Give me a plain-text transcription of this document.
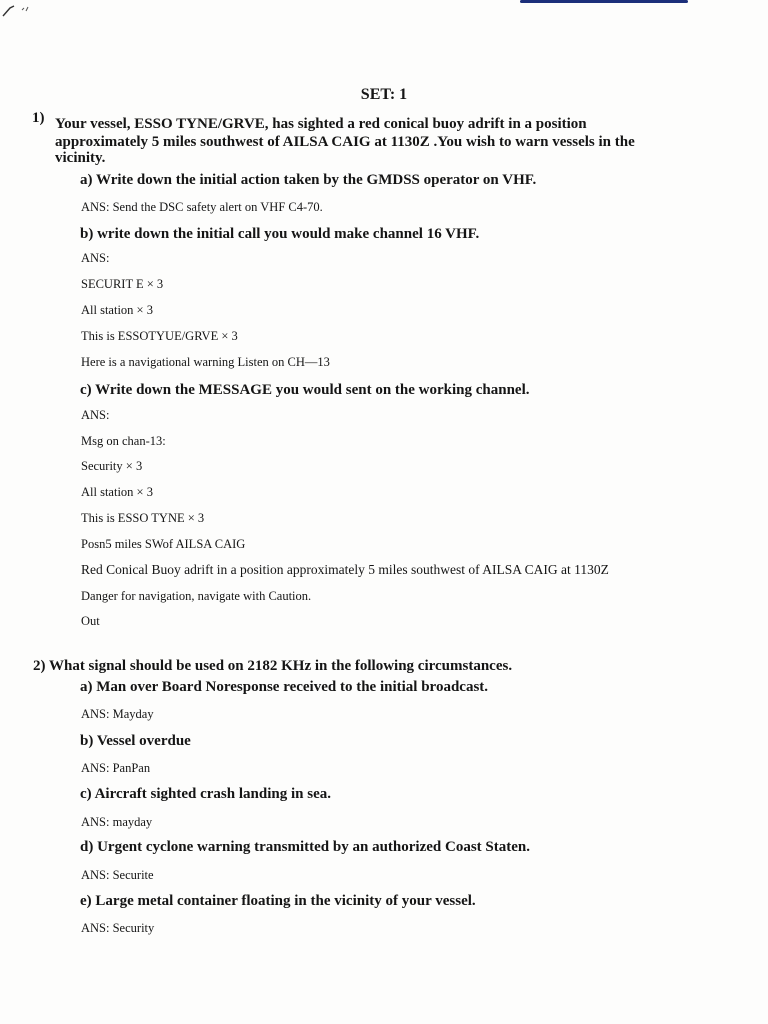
SET: 1
1) Your vessel, ESSO TYNE/GRVE, has sighted a red conical buoy adrift in a position
approximately 5 miles southwest of AILSA CAIG at 1130Z .You wish to warn vessels in the
vicinity.
a) Write down the initial action taken by the GMDSS operator on VHF.
ANS: Send the DSC safety alert on VHF C4-70.
b) write down the initial call you would make channel 16 VHF.
ANS:
SECURIT E × 3
All station × 3
This is ESSOTYUE/GRVE × 3
Here is a navigational warning Listen on CH—13
c) Write down the MESSAGE you would sent on the working channel.
ANS:
Msg on chan-13:
Security × 3
All station × 3
This is ESSO TYNE × 3
Posn5 miles SWof AILSA CAIG
Red Conical Buoy adrift in a position approximately 5 miles southwest of AILSA CAIG at 1130Z
Danger for navigation, navigate with Caution.
Out
2) What signal should be used on 2182 KHz in the following circumstances.
a) Man over Board Noresponse received to the initial broadcast.
ANS: Mayday
b) Vessel overdue
ANS: PanPan
c) Aircraft sighted crash landing in sea.
ANS: mayday
d) Urgent cyclone warning transmitted by an authorized Coast Staten.
ANS: Securite
e) Large metal container floating in the vicinity of your vessel.
ANS: Security
